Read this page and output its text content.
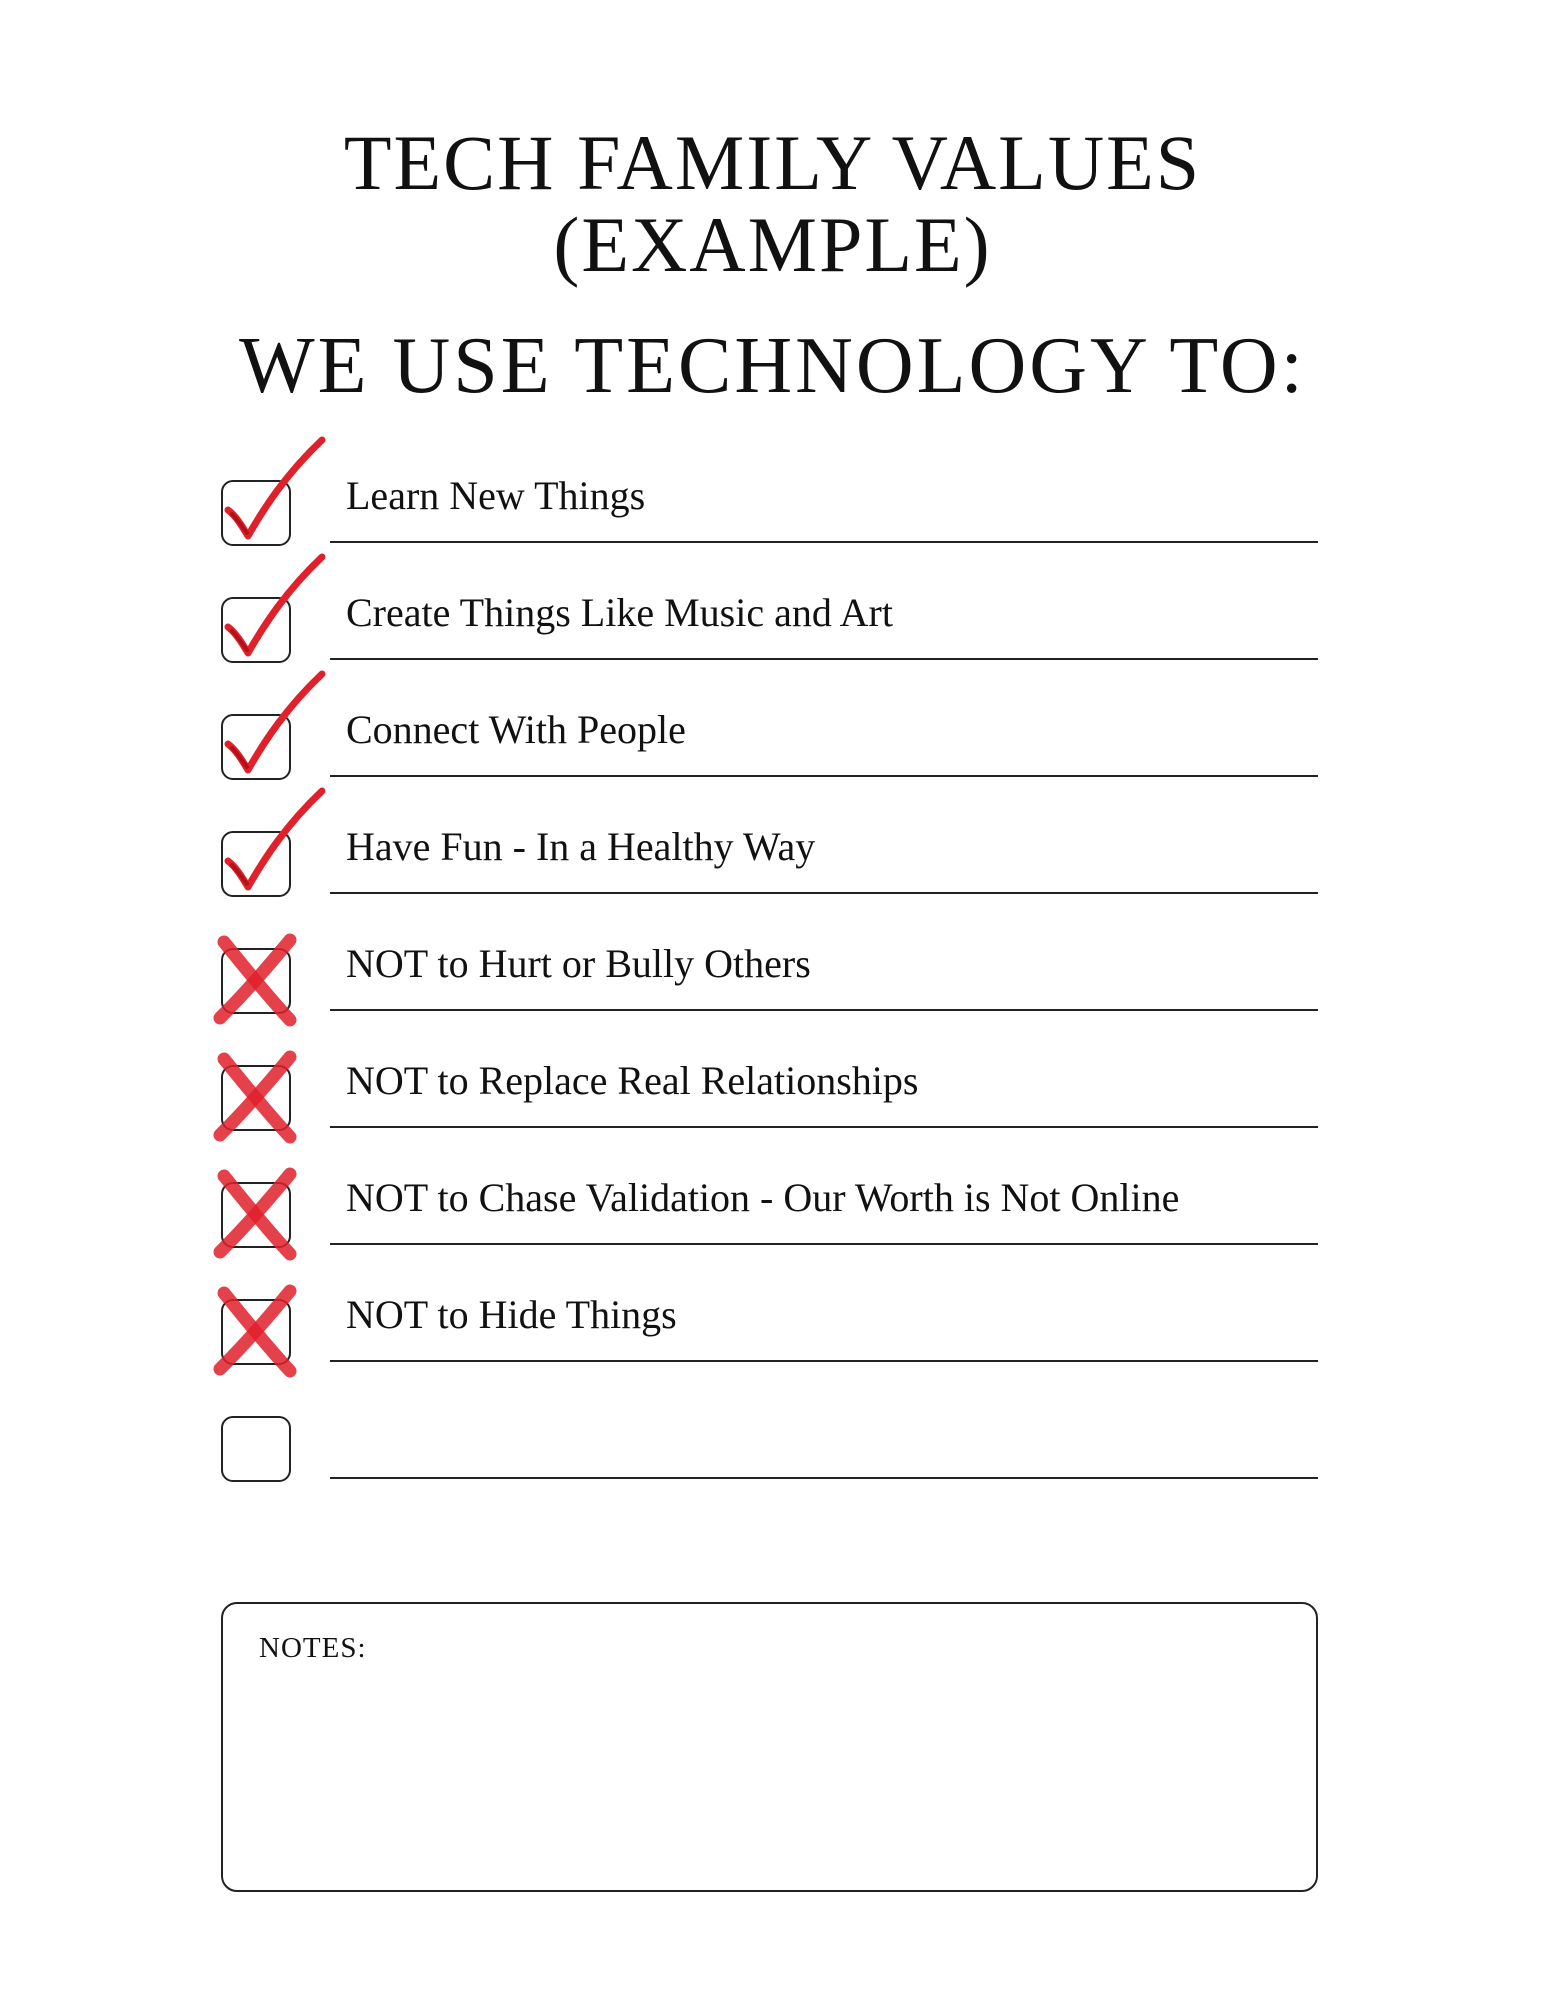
TECH FAMILY VALUES
(EXAMPLE)
WE USE TECHNOLOGY TO:
Learn New Things
Create Things Like Music and Art
Connect With People
Have Fun - In a Healthy Way
NOT to Hurt or Bully Others
NOT to Replace Real Relationships
NOT to Chase Validation - Our Worth is Not Online
NOT to Hide Things
NOTES:
